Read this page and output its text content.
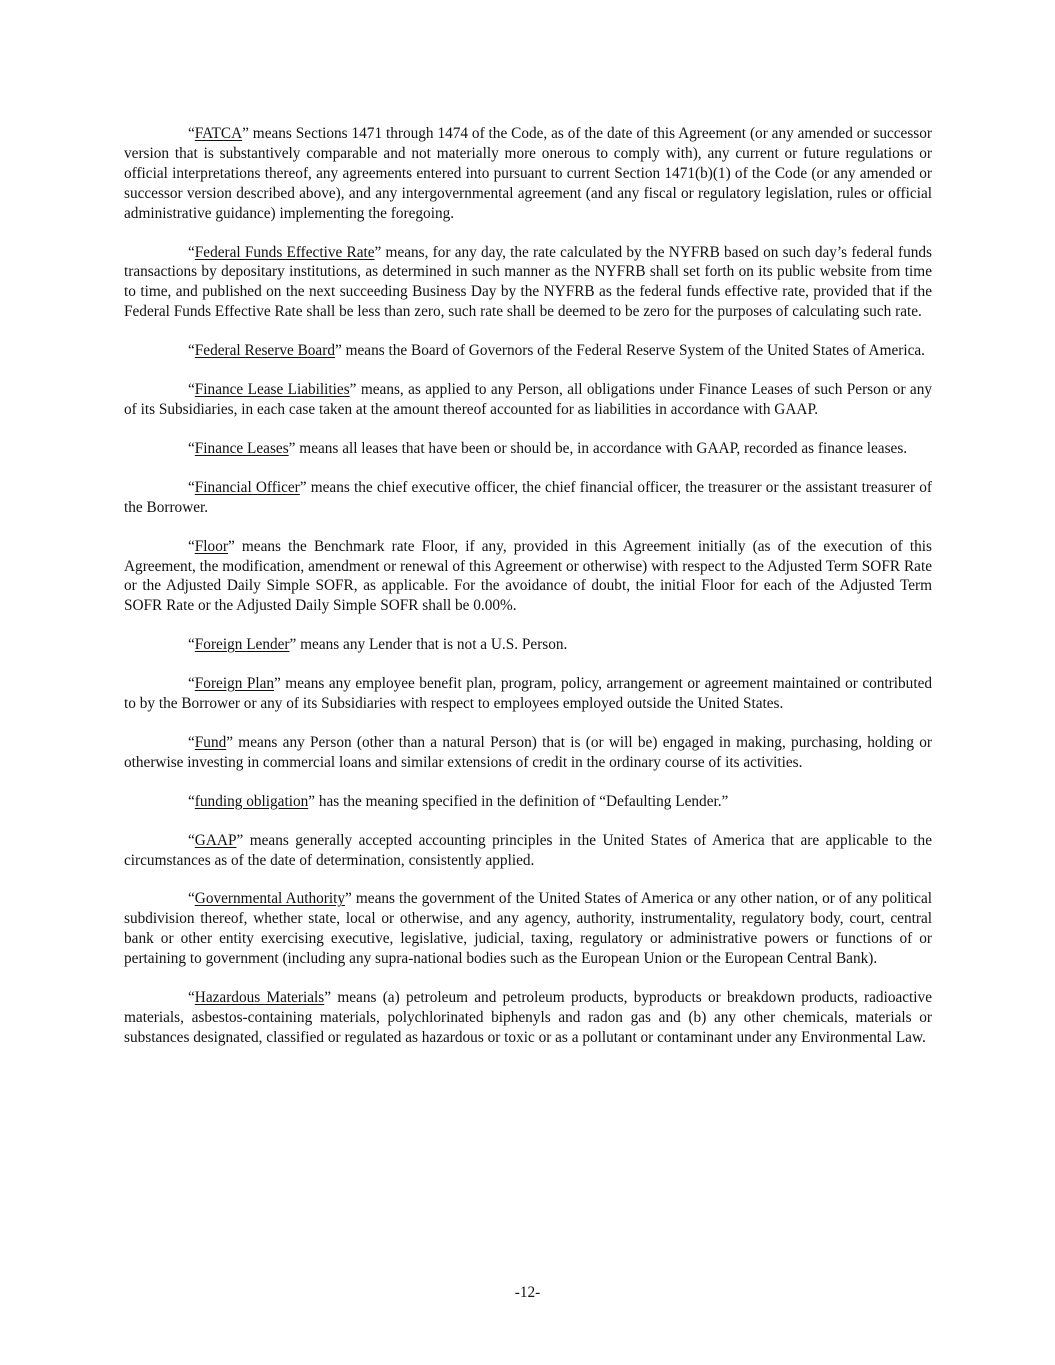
“FATCA” means Sections 1471 through 1474 of the Code, as of the date of this Agreement (or any amended or successor version that is substantively comparable and not materially more onerous to comply with), any current or future regulations or official interpretations thereof, any agreements entered into pursuant to current Section 1471(b)(1) of the Code (or any amended or successor version described above), and any intergovernmental agreement (and any fiscal or regulatory legislation, rules or official administrative guidance) implementing the foregoing.

“Federal Funds Effective Rate” means, for any day, the rate calculated by the NYFRB based on such day’s federal funds transactions by depositary institutions, as determined in such manner as the NYFRB shall set forth on its public website from time to time, and published on the next succeeding Business Day by the NYFRB as the federal funds effective rate, provided that if the Federal Funds Effective Rate shall be less than zero, such rate shall be deemed to be zero for the purposes of calculating such rate.

“Federal Reserve Board” means the Board of Governors of the Federal Reserve System of the United States of America.

“Finance Lease Liabilities” means, as applied to any Person, all obligations under Finance Leases of such Person or any of its Subsidiaries, in each case taken at the amount thereof accounted for as liabilities in accordance with GAAP.

“Finance Leases” means all leases that have been or should be, in accordance with GAAP, recorded as finance leases.

“Financial Officer” means the chief executive officer, the chief financial officer, the treasurer or the assistant treasurer of the Borrower.

“Floor” means the Benchmark rate Floor, if any, provided in this Agreement initially (as of the execution of this Agreement, the modification, amendment or renewal of this Agreement or otherwise) with respect to the Adjusted Term SOFR Rate or the Adjusted Daily Simple SOFR, as applicable. For the avoidance of doubt, the initial Floor for each of the Adjusted Term SOFR Rate or the Adjusted Daily Simple SOFR shall be 0.00%.

“Foreign Lender” means any Lender that is not a U.S. Person.

“Foreign Plan” means any employee benefit plan, program, policy, arrangement or agreement maintained or contributed to by the Borrower or any of its Subsidiaries with respect to employees employed outside the United States.

“Fund” means any Person (other than a natural Person) that is (or will be) engaged in making, purchasing, holding or otherwise investing in commercial loans and similar extensions of credit in the ordinary course of its activities.

“funding obligation” has the meaning specified in the definition of “Defaulting Lender.”

“GAAP” means generally accepted accounting principles in the United States of America that are applicable to the circumstances as of the date of determination, consistently applied.

“Governmental Authority” means the government of the United States of America or any other nation, or of any political subdivision thereof, whether state, local or otherwise, and any agency, authority, instrumentality, regulatory body, court, central bank or other entity exercising executive, legislative, judicial, taxing, regulatory or administrative powers or functions of or pertaining to government (including any supra-national bodies such as the European Union or the European Central Bank).

“Hazardous Materials” means (a) petroleum and petroleum products, byproducts or breakdown products, radioactive materials, asbestos-containing materials, polychlorinated biphenyls and radon gas and (b) any other chemicals, materials or substances designated, classified or regulated as hazardous or toxic or as a pollutant or contaminant under any Environmental Law.

-12-
